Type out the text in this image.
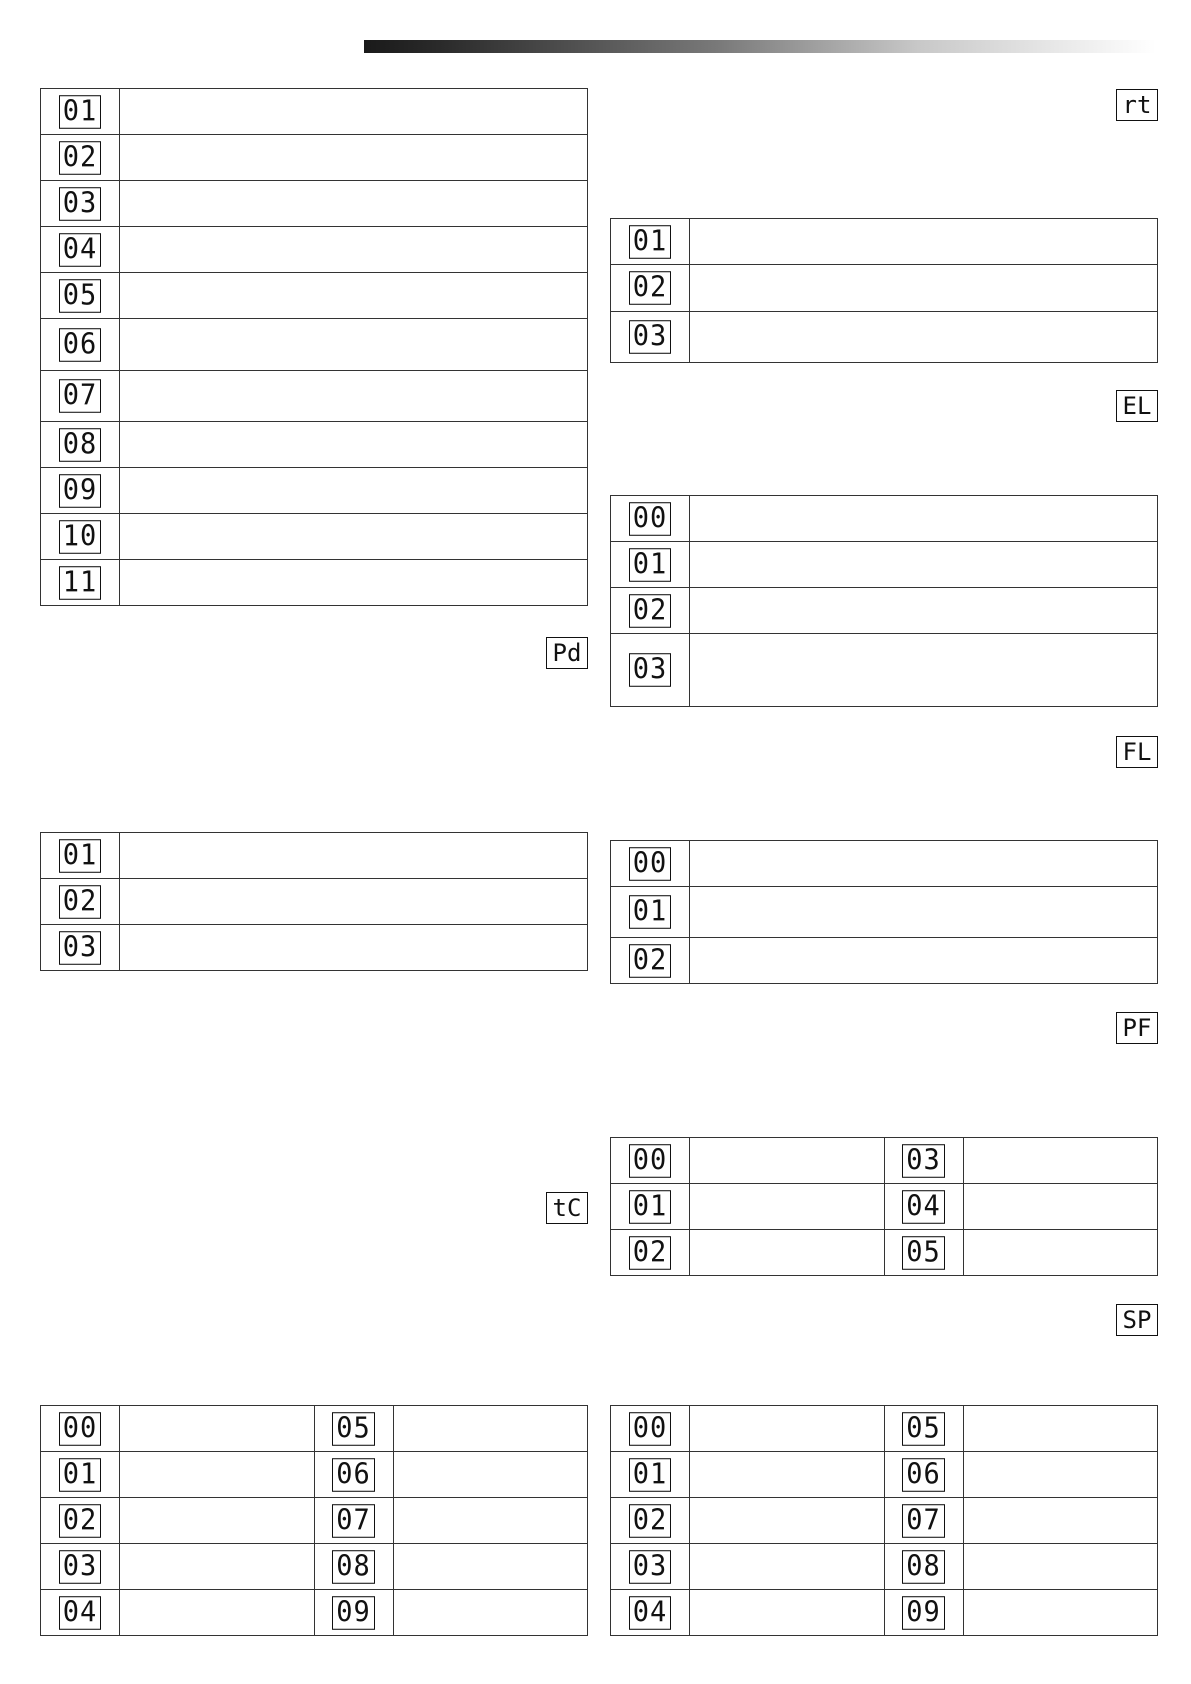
01	
02	
03	
04	
05	
06	
07	
08	
09	
10	
11	
rt
01	
02	
03	
EL
00	
01	
02	
03	
Pd
01	
02	
03	
FL
00	
01	
02	
PF
00		03	
01		04	
02		05	
tC
SP
00		05	
01		06	
02		07	
03		08	
04		09	
00		05	
01		06	
02		07	
03		08	
04		09	
